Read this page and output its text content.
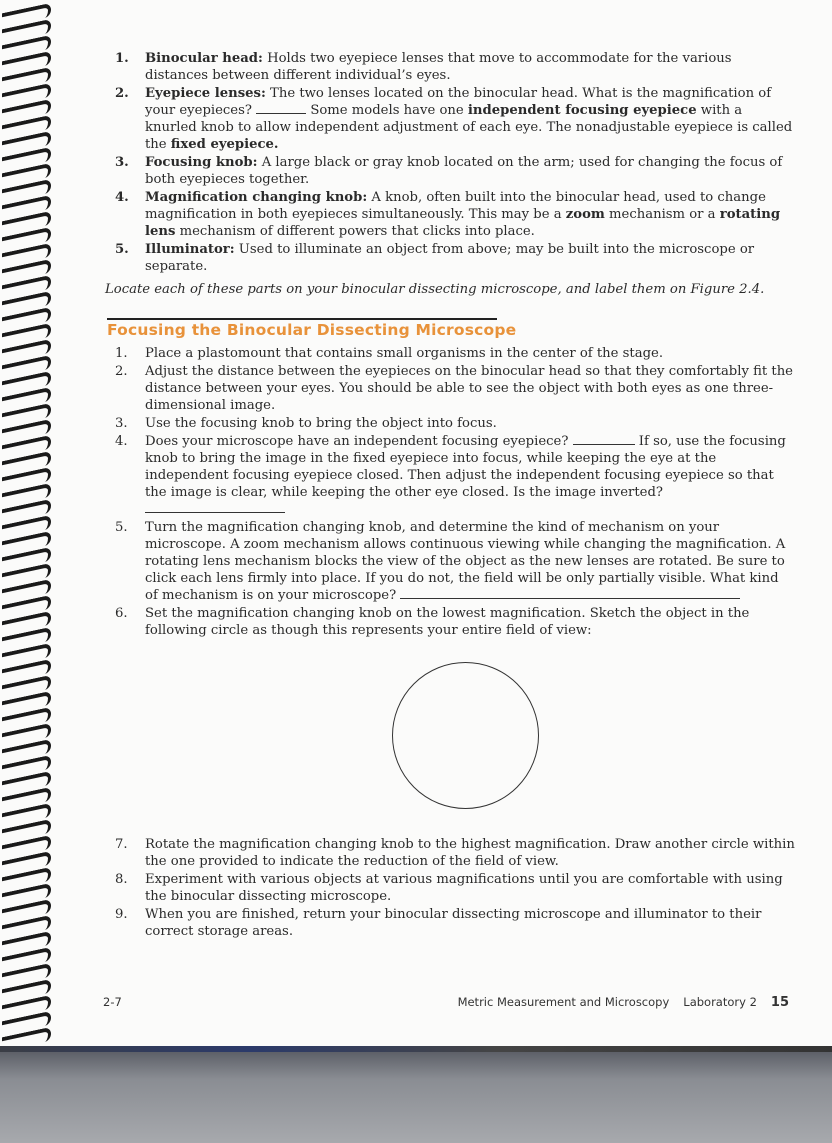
1. Binocular head: Holds two eyepiece lenses that move to accommodate for the various distances between different individual’s eyes.
2. Eyepiece lenses: The two lenses located on the binocular head. What is the magnification of your eyepieces?	Some models have one independent focusing eyepiece with a knurled knob to allow independent adjustment of each eye. The nonadjustable eyepiece is called the fixed eyepiece.
3. Focusing knob: A large black or gray knob located on the arm; used for changing the focus of both eyepieces together.
4. Magnification changing knob: A knob, often built into the binocular head, used to change magnification in both eyepieces simultaneously. This may be a zoom mechanism or a rotating lens mechanism of different powers that clicks into place.
5. Illuminator: Used to illuminate an object from above; may be built into the microscope or separate.
Locate each of these parts on your binocular dissecting microscope, and label them on Figure 2.4.
Focusing the Binocular Dissecting Microscope
1. Place a plastomount that contains small organisms in the center of the stage.
2. Adjust the distance between the eyepieces on the binocular head so that they comfortably fit the distance between your eyes. You should be able to see the object with both eyes as one three-dimensional image.
3. Use the focusing knob to bring the object into focus.
4. Does your microscope have an independent focusing eyepiece?	If so, use the focusing knob to bring the image in the fixed eyepiece into focus, while keeping the eye at the independent focusing eyepiece closed. Then adjust the independent focusing eyepiece so that the image is clear, while keeping the other eye closed. Is the image inverted?
5. Turn the magnification changing knob, and determine the kind of mechanism on your microscope. A zoom mechanism allows continuous viewing while changing the magnification. A rotating lens mechanism blocks the view of the object as the new lenses are rotated. Be sure to click each lens firmly into place. If you do not, the field will be only partially visible. What kind of mechanism is on your microscope?
6. Set the magnification changing knob on the lowest magnification. Sketch the object in the following circle as though this represents your entire field of view:
7. Rotate the magnification changing knob to the highest magnification. Draw another circle within the one provided to indicate the reduction of the field of view.
8. Experiment with various objects at various magnifications until you are comfortable with using the binocular dissecting microscope.
9. When you are finished, return your binocular dissecting microscope and illuminator to their correct storage areas.
2-7	Metric Measurement and Microscopy Laboratory 2 15
